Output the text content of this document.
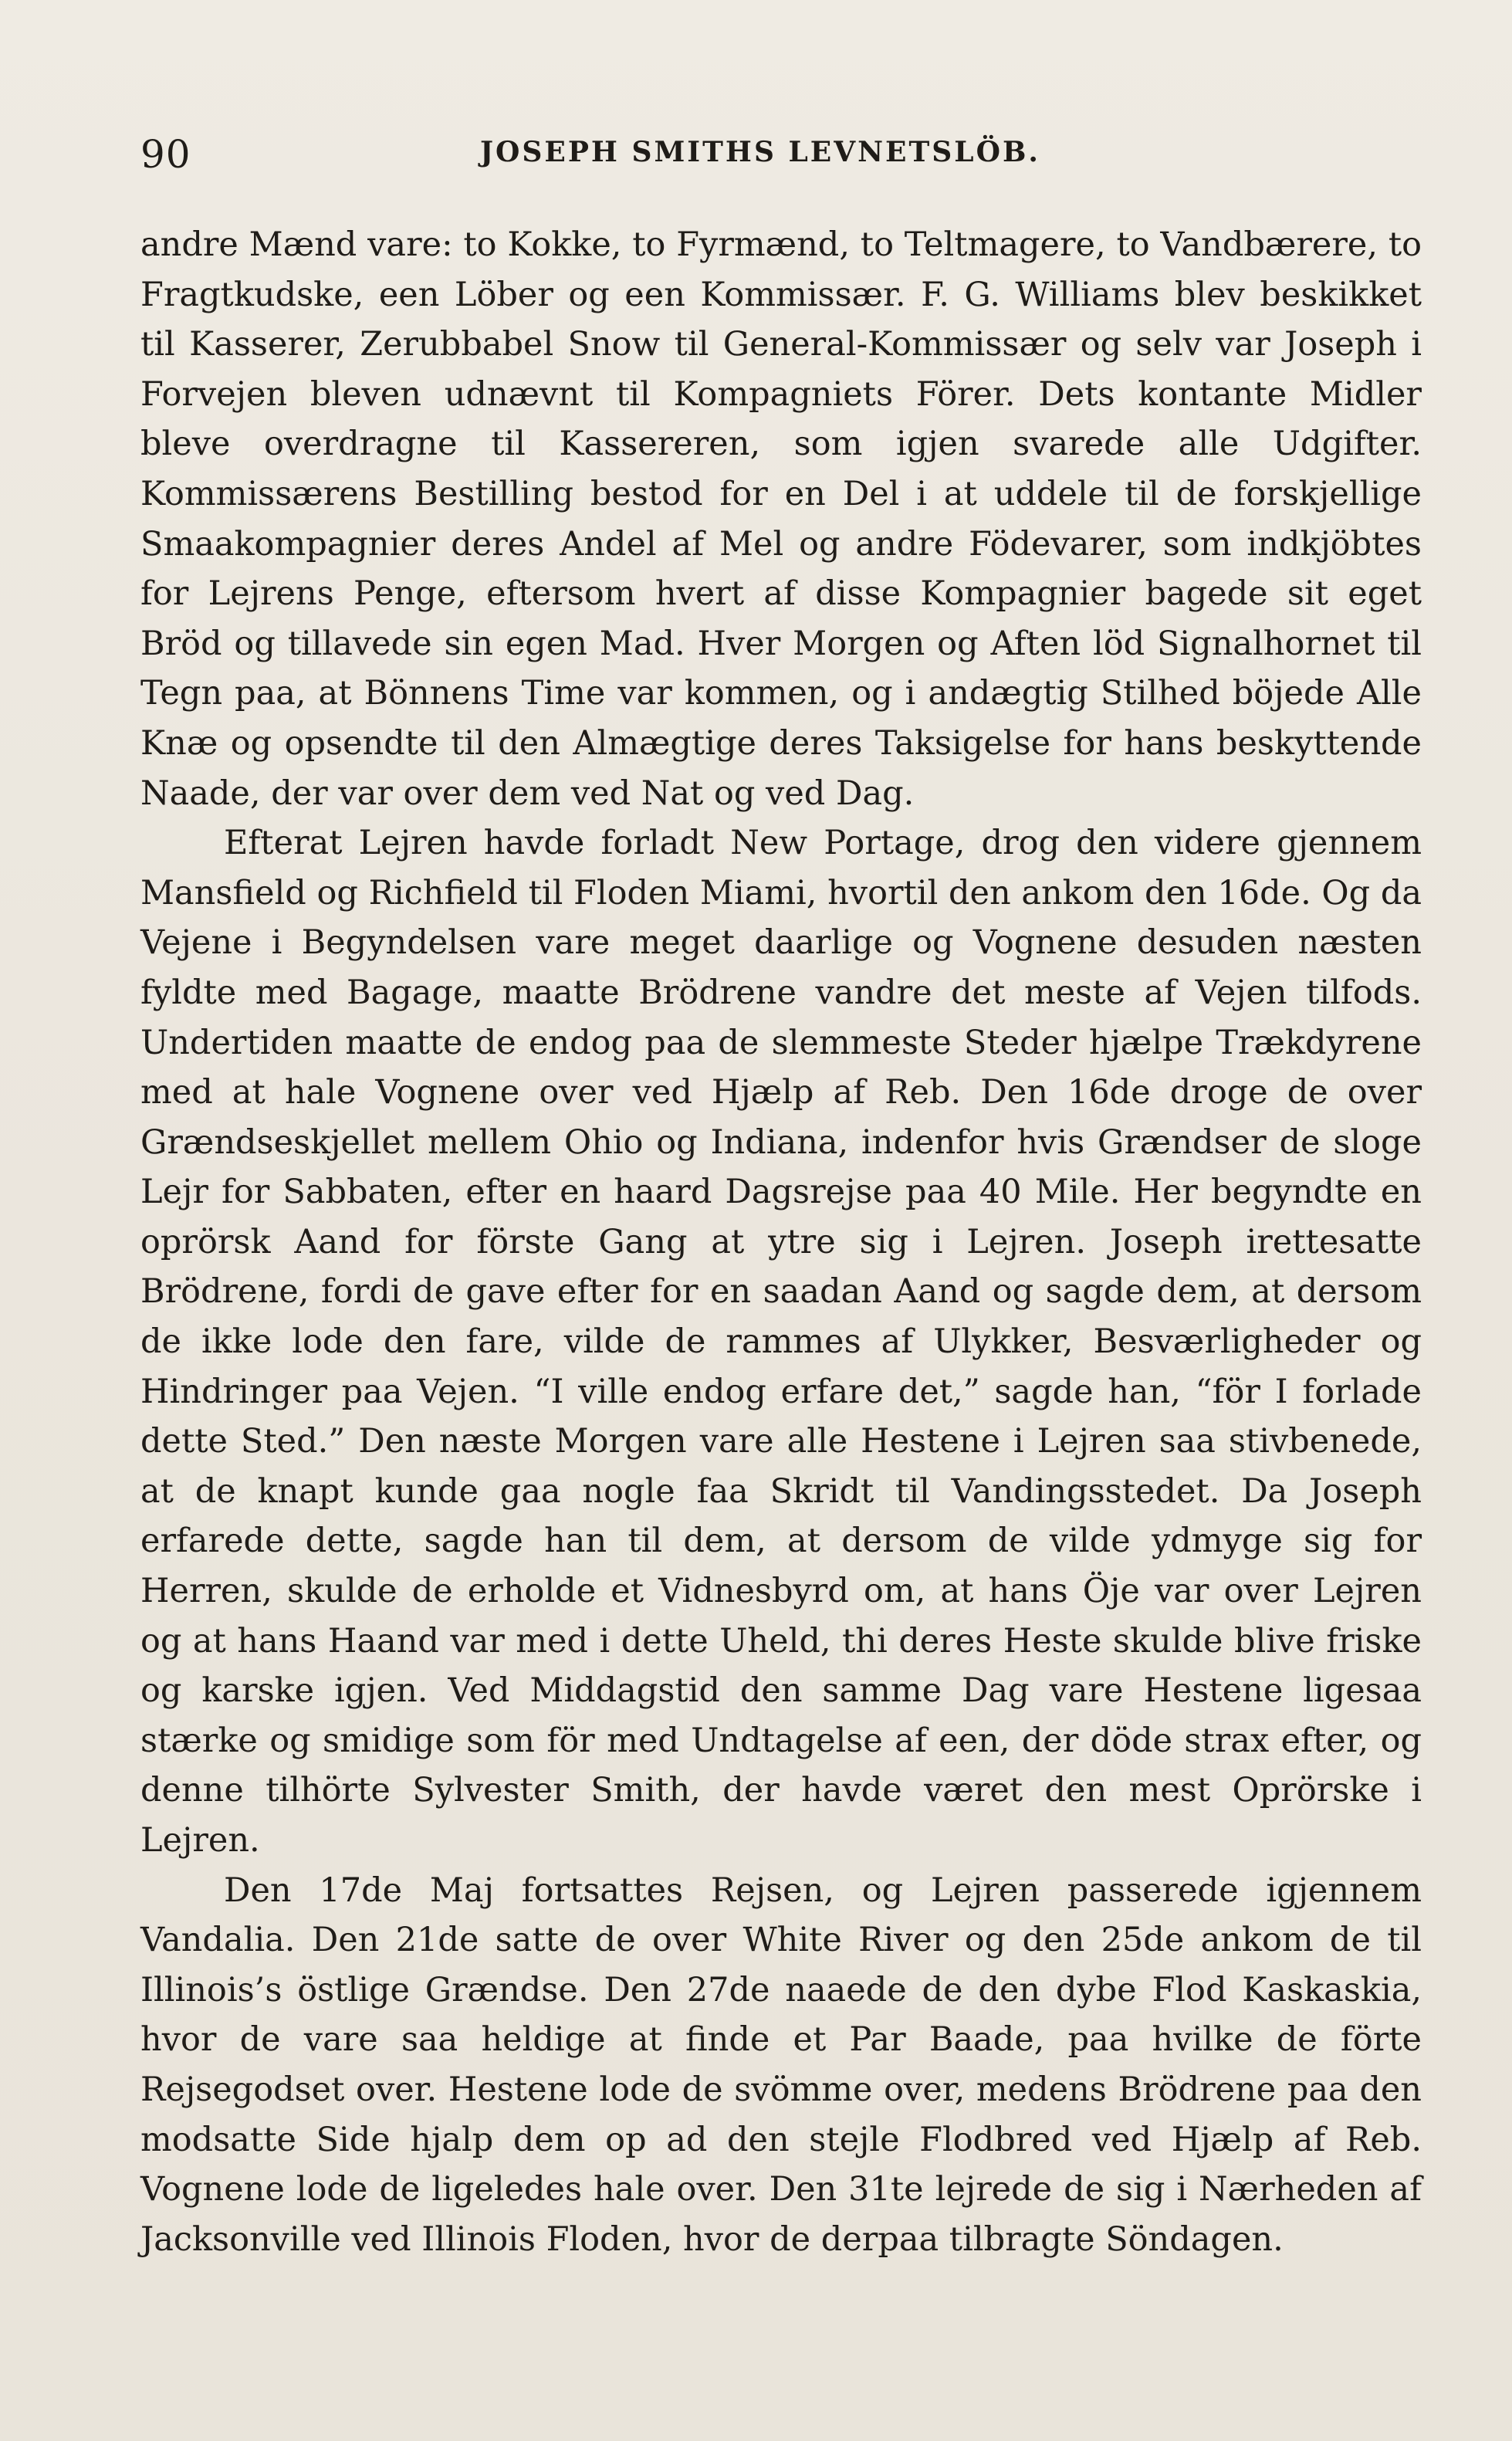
90	JOSEPH SMITHS LEVNETSLÖB.

andre Mænd vare: to Kokke, to Fyrmænd, to Teltmagere, to Vandbærere, to Fragtkudske, een Löber og een Kommissær. F. G. Williams blev beskikket til Kasserer, Zerubbabel Snow til General-Kommissær og selv var Joseph i Forvejen bleven udnævnt til Kompagniets Förer. Dets kontante Midler bleve overdragne til Kassereren, som igjen svarede alle Udgifter. Kommissærens Bestilling bestod for en Del i at uddele til de forskjellige Smaakompagnier deres Andel af Mel og andre Födevarer, som indkjöbtes for Lejrens Penge, eftersom hvert af disse Kompagnier bagede sit eget Bröd og tillavede sin egen Mad. Hver Morgen og Aften löd Signalhornet til Tegn paa, at Bönnens Time var kommen, og i andægtig Stilhed böjede Alle Knæ og opsendte til den Almægtige deres Taksigelse for hans beskyttende Naade, der var over dem ved Nat og ved Dag.

Efterat Lejren havde forladt New Portage, drog den videre gjennem Mansfield og Richfield til Floden Miami, hvortil den ankom den 16de. Og da Vejene i Begyndelsen vare meget daarlige og Vognene desuden næsten fyldte med Bagage, maatte Brödrene vandre det meste af Vejen tilfods. Undertiden maatte de endog paa de slemmeste Steder hjælpe Trækdyrene med at hale Vognene over ved Hjælp af Reb. Den 16de droge de over Grændseskjellet mellem Ohio og Indiana, indenfor hvis Grændser de sloge Lejr for Sabbaten, efter en haard Dagsrejse paa 40 Mile. Her begyndte en oprörsk Aand for förste Gang at ytre sig i Lejren. Joseph irettesatte Brödrene, fordi de gave efter for en saadan Aand og sagde dem, at dersom de ikke lode den fare, vilde de rammes af Ulykker, Besværligheder og Hindringer paa Vejen. “I ville endog erfare det,” sagde han, “för I forlade dette Sted.” Den næste Morgen vare alle Hestene i Lejren saa stivbenede, at de knapt kunde gaa nogle faa Skridt til Vandingsstedet. Da Joseph erfarede dette, sagde han til dem, at dersom de vilde ydmyge sig for Herren, skulde de erholde et Vidnesbyrd om, at hans Öje var over Lejren og at hans Haand var med i dette Uheld, thi deres Heste skulde blive friske og karske igjen. Ved Middagstid den samme Dag vare Hestene ligesaa stærke og smidige som för med Undtagelse af een, der döde strax efter, og denne tilhörte Sylvester Smith, der havde været den mest Oprörske i Lejren.

Den 17de Maj fortsattes Rejsen, og Lejren passerede igjennem Vandalia. Den 21de satte de over White River og den 25de ankom de til Illinois’s östlige Grændse. Den 27de naaede de den dybe Flod Kaskaskia, hvor de vare saa heldige at finde et Par Baade, paa hvilke de förte Rejsegodset over. Hestene lode de svömme over, medens Brödrene paa den modsatte Side hjalp dem op ad den stejle Flodbred ved Hjælp af Reb. Vognene lode de ligeledes hale over. Den 31te lejrede de sig i Nærheden af Jacksonville ved Illinois Floden, hvor de derpaa tilbragte Söndagen.
